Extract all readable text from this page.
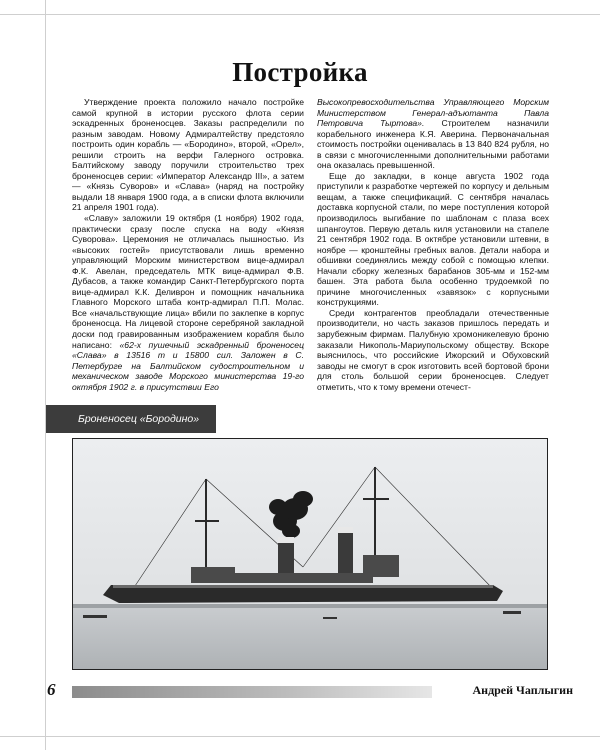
Постройка

Утверждение проекта положило начало постройке самой крупной в истории русского флота серии эскадренных броненосцев. Заказы распределили по разным заводам. Новому Адмиралтейству предстояло построить один корабль — «Бородино», второй, «Орел», решили строить на верфи Галерного островка. Балтийскому заводу поручили строительство трех броненосцев серии: «Император Александр III», а затем — «Князь Суворов» и «Слава» (наряд на постройку выдали 18 января 1900 года, а в списки флота включили 21 апреля 1901 года).

«Славу» заложили 19 октября (1 ноября) 1902 года, практически сразу после спуска на воду «Князя Суворова». Церемония не отличалась пышностью. Из «высоких гостей» присутствовали лишь временно управляющий Морским министерством вице-адмирал Ф.К. Авелан, председатель МТК вице-адмирал Ф.В. Дубасов, а также командир Санкт-Петербургского порта вице-адмирал К.К. Деливрон и помощник начальника Главного Морского штаба контр-адмирал П.П. Молас. Все «начальствующие лица» вбили по заклепке в корпус броненосца. На лицевой стороне серебряной закладной доски под гравированным изображением корабля было написано: «62-х пушечный эскадренный броненосец «Слава» в 13516 т и 15800 сил. Заложен в С. Петербурге на Балтийском судостроительном и механическом заводе Морского министерства 19-го октября 1902 г. в присутствии Его

Высокопревосходительства Управляющего Морским Министерством Генерал-адъютанта Павла Петровича Тыртова». Строителем назначили корабельного инженера К.Я. Аверина. Первоначальная стоимость постройки оценивалась в 13 840 824 рубля, но в связи с многочисленными дополнительными работами она оказалась превышенной.

Еще до закладки, в конце августа 1902 года приступили к разработке чертежей по корпусу и дельным вещам, а также спецификаций. С сентября началась доставка корпусной стали, по мере поступления которой производилось выгибание по шаблонам с плаза всех шпангоутов. Первую деталь киля установили на стапеле 21 сентября 1902 года. В октябре установили штевни, в ноябре — кронштейны гребных валов. Детали набора и обшивки соединялись между собой с помощью клепки. Начали сборку железных барабанов 305-мм и 152-мм башен. Эта работа была особенно трудоемкой по причине многочисленных «завязок» с корпусными конструкциями.

Среди контрагентов преобладали отечественные производители, но часть заказов пришлось передать и зарубежным фирмам. Палубную хромоникелевую броню заказали Никополь-Мариупольскому обществу. Вскоре выяснилось, что российские Ижорский и Обуховский заводы не смогут в срок изготовить всей бортовой брони для столь большой серии броненосцев. Следует отметить, что к тому времени отечест-

Броненосец «Бородино»
6	Андрей Чаплыгин
